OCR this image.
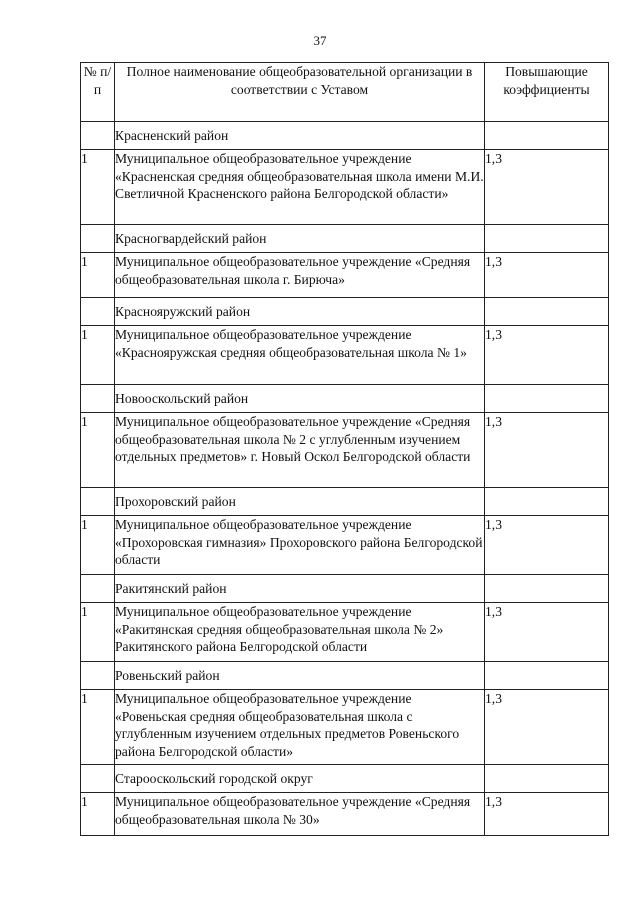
37
№ п/п	Полное наименование общеобразовательной организации в соответствии с Уставом	Повышающие коэффициенты
	Красненский район	
1	Муниципальное общеобразовательное учреждение «Красненская средняя общеобразовательная школа имени М.И. Светличной Красненского района Белгородской области»	1,3
	Красногвардейский район	
1	Муниципальное общеобразовательное учреждение «Средняя общеобразовательная школа г. Бирюча»	1,3
	Краснояружский район	
1	Муниципальное общеобразовательное учреждение «Краснояружская средняя общеобразовательная школа № 1»	1,3
	Новооскольский район	
1	Муниципальное общеобразовательное учреждение «Средняя общеобразовательная школа № 2 с углубленным изучением отдельных предметов» г. Новый Оскол Белгородской области	1,3
	Прохоровский район	
1	Муниципальное общеобразовательное учреждение «Прохоровская гимназия» Прохоровского района Белгородской области	1,3
	Ракитянский район	
1	Муниципальное общеобразовательное учреждение «Ракитянская средняя общеобразовательная школа № 2» Ракитянского района Белгородской области	1,3
	Ровеньский район	
1	Муниципальное общеобразовательное учреждение «Ровеньская средняя общеобразовательная школа с углубленным изучением отдельных предметов Ровеньского района Белгородской области»	1,3
	Старооскольский городской округ	
1	Муниципальное общеобразовательное учреждение «Средняя общеобразовательная школа № 30»	1,3
